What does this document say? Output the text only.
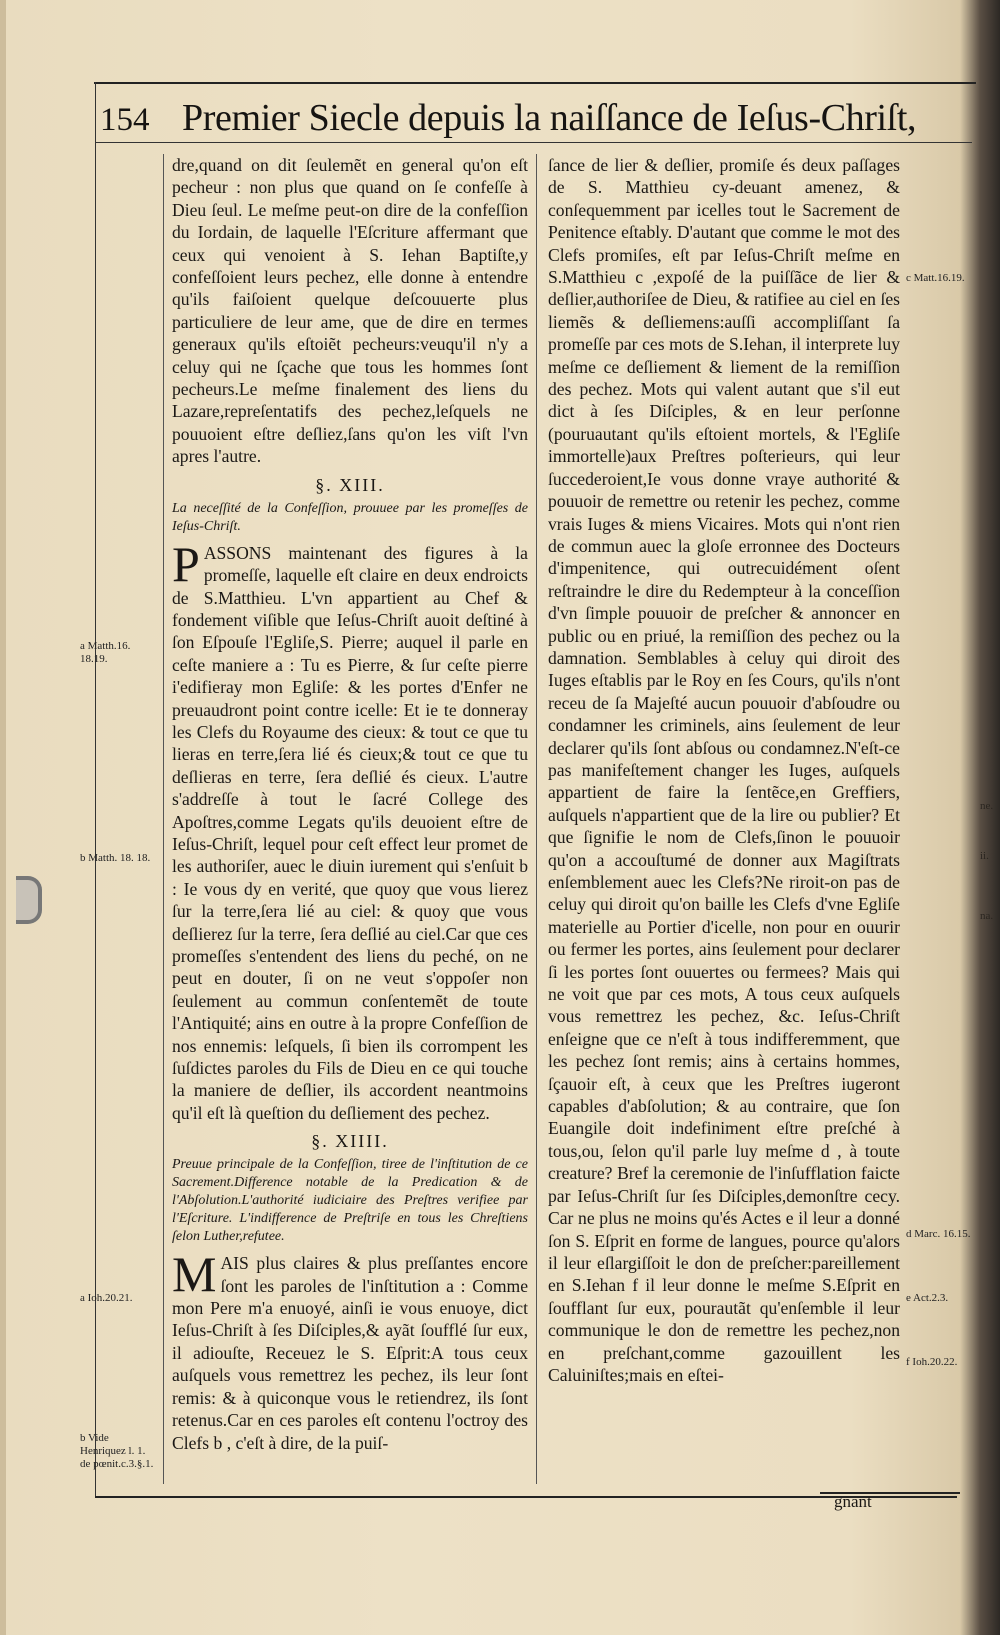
154 Premier Siecle depuis la naiſſance de Ieſus-Chriſt,

dre,quand on dit ſeulemẽt en general qu'on eſt pecheur : non plus que quand on ſe confeſſe à Dieu ſeul. Le meſme peut-on dire de la confeſſion du Iordain, de laquelle l'Eſcriture affermant que ceux qui venoient à S. Iehan Baptiſte,y confeſſoient leurs pechez, elle donne à entendre qu'ils faiſoient quelque deſcouuerte plus particuliere de leur ame, que de dire en termes generaux qu'ils eſtoiẽt pecheurs:veuqu'il n'y a celuy qui ne ſçache que tous les hommes ſont pecheurs.Le meſme finalement des liens du Lazare,repreſentatifs des pechez,leſquels ne pouuoient eſtre deſliez,ſans qu'on les viſt l'vn apres l'autre.

§. XIII.
La neceſſité de la Confeſſion, prouuee par les promeſſes de Ieſus-Chriſt.

PASSONS maintenant des figures à la promeſſe, laquelle eſt claire en deux endroicts de S.Matthieu. L'vn appartient au Chef & fondement viſible que Ieſus-Chriſt auoit deſtiné à ſon Eſpouſe l'Egliſe,S. Pierre; auquel il parle en ceſte maniere a : Tu es Pierre, & ſur ceſte pierre i'edifieray mon Egliſe: & les portes d'Enfer ne preuaudront point contre icelle: Et ie te donneray les Clefs du Royaume des cieux: & tout ce que tu lieras en terre,ſera lié és cieux;& tout ce que tu deſlieras en terre, ſera deſlié és cieux. L'autre s'addreſſe à tout le ſacré College des Apoſtres,comme Legats qu'ils deuoient eſtre de Ieſus-Chriſt, lequel pour ceſt effect leur promet de les authoriſer, auec le diuin iurement qui s'enſuit b : Ie vous dy en verité, que quoy que vous lierez ſur la terre,ſera lié au ciel: & quoy que vous deſlierez ſur la terre, ſera deſlié au ciel.Car que ces promeſſes s'entendent des liens du peché, on ne peut en douter, ſi on ne veut s'oppoſer non ſeulement au commun conſentemẽt de toute l'Antiquité; ains en outre à la propre Confeſſion de nos ennemis: leſquels, ſi bien ils corrompent les ſuſdictes paroles du Fils de Dieu en ce qui touche la maniere de deſlier, ils accordent neantmoins qu'il eſt là queſtion du deſliement des pechez.

§. XIIII.
Preuue principale de la Confeſſion, tiree de l'inſtitution de ce Sacrement.Difference notable de la Predication & de l'Abſolution.L'authorité iudiciaire des Preſtres verifiee par l'Eſcriture. L'indifference de Preſtriſe en tous les Chreſtiens ſelon Luther,refutee.

MAIS plus claires & plus preſſantes encore ſont les paroles de l'inſtitution a : Comme mon Pere m'a enuoyé, ainſi ie vous enuoye, dict Ieſus-Chriſt à ſes Diſciples,& ayãt ſoufflé ſur eux, il adiouſte, Receuez le S. Eſprit:A tous ceux auſquels vous remettrez les pechez, ils leur ſont remis: & à quiconque vous le retiendrez, ils ſont retenus.Car en ces paroles eſt contenu l'octroy des Clefs b , c'eſt à dire, de la puiſ-

ſance de lier & deſlier, promiſe és deux paſſages de S. Matthieu cy-deuant amenez, & conſequemment par icelles tout le Sacrement de Penitence eſtably. D'autant que comme le mot des Clefs promiſes, eſt par Ieſus-Chriſt meſme en S.Matthieu c ,expoſé de la puiſſãce de lier & deſlier,authoriſee de Dieu, & ratifiee au ciel en ſes liemẽs & deſliemens:auſſi accompliſſant ſa promeſſe par ces mots de S.Iehan, il interprete luy meſme ce deſliement & liement de la remiſſion des pechez. Mots qui valent autant que s'il eut dict à ſes Diſciples, & en leur perſonne (pouruautant qu'ils eſtoient mortels, & l'Egliſe immortelle)aux Preſtres poſterieurs, qui leur ſuccederoient,Ie vous donne vraye authorité & pouuoir de remettre ou retenir les pechez, comme vrais Iuges & miens Vicaires. Mots qui n'ont rien de commun auec la gloſe erronnee des Docteurs d'impenitence, qui outrecuidément oſent reſtraindre le dire du Redempteur à la conceſſion d'vn ſimple pouuoir de preſcher & annoncer en public ou en priué, la remiſſion des pechez ou la damnation. Semblables à celuy qui diroit des Iuges eſtablis par le Roy en ſes Cours, qu'ils n'ont receu de ſa Majeſté aucun pouuoir d'abſoudre ou condamner les criminels, ains ſeulement de leur declarer qu'ils ſont abſous ou condamnez.N'eſt-ce pas manifeſtement changer les Iuges, auſquels appartient de faire la ſentẽce,en Greffiers, auſquels n'appartient que de la lire ou publier? Et que ſignifie le nom de Clefs,ſinon le pouuoir qu'on a accouſtumé de donner aux Magiſtrats enſemblement auec les Clefs?Ne riroit-on pas de celuy qui diroit qu'on baille les Clefs d'vne Egliſe materielle au Portier d'icelle, non pour en ouurir ou fermer les portes, ains ſeulement pour declarer ſi les portes ſont ouuertes ou fermees? Mais qui ne voit que par ces mots, A tous ceux auſquels vous remettrez les pechez, &c. Ieſus-Chriſt enſeigne que ce n'eſt à tous indifferemment, que les pechez ſont remis; ains à certains hommes, ſçauoir eſt, à ceux que les Preſtres iugeront capables d'abſolution; & au contraire, que ſon Euangile doit indefiniment eſtre preſché à tous,ou, ſelon qu'il parle luy meſme d , à toute creature? Bref la ceremonie de l'inſufflation faicte par Ieſus-Chriſt ſur ſes Diſciples,demonſtre cecy. Car ne plus ne moins qu'és Actes e il leur a donné ſon S. Eſprit en forme de langues, pource qu'alors il leur eſlargiſſoit le don de preſcher:pareillement en S.Iehan f il leur donne le meſme S.Eſprit en ſoufflant ſur eux, pourautãt qu'enſemble il leur communique le don de remettre les pechez,non en preſchant,comme gazouillent les Caluiniſtes;mais en eſtei-

a Matth.16. 18.19.
b Matth. 18. 18.
a Ioh.20.21.
b Vide Henriquez l. 1. de pœnit.c.3.§.1.
c Matt.16.19.
d Marc. 16.15.
e Act.2.3.
f Ioh.20.22.
ne.
ii.
na.
gnant
